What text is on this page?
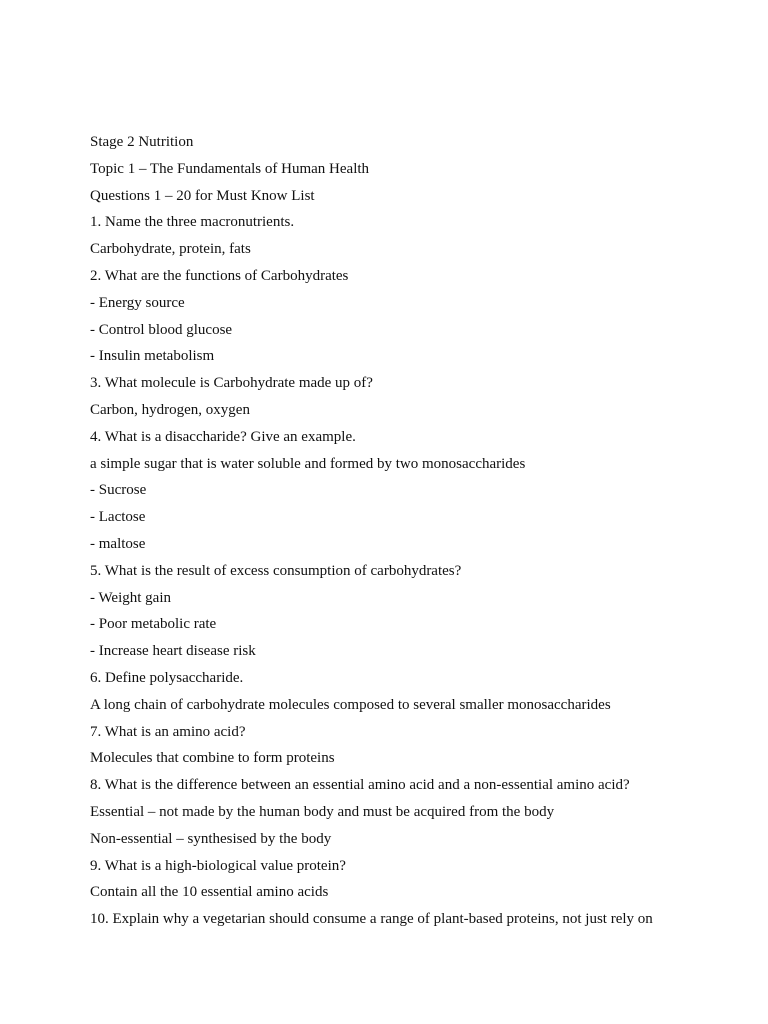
Stage 2 Nutrition
Topic 1 – The Fundamentals of Human Health
Questions 1 – 20 for Must Know List
1. Name the three macronutrients.
Carbohydrate, protein, fats
2. What are the functions of Carbohydrates
- Energy source
- Control blood glucose
- Insulin metabolism
3. What molecule is Carbohydrate made up of?
Carbon, hydrogen, oxygen
4. What is a disaccharide? Give an example.
a simple sugar that is water soluble and formed by two monosaccharides
- Sucrose
- Lactose
- maltose
5. What is the result of excess consumption of carbohydrates?
- Weight gain
- Poor metabolic rate
- Increase heart disease risk
6. Define polysaccharide.
A long chain of carbohydrate molecules composed to several smaller monosaccharides
7. What is an amino acid?
Molecules that combine to form proteins
8. What is the difference between an essential amino acid and a non-essential amino acid?
Essential – not made by the human body and must be acquired from the body
Non-essential – synthesised by the body
9. What is a high-biological value protein?
Contain all the 10 essential amino acids
10. Explain why a vegetarian should consume a range of plant-based proteins, not just rely on
